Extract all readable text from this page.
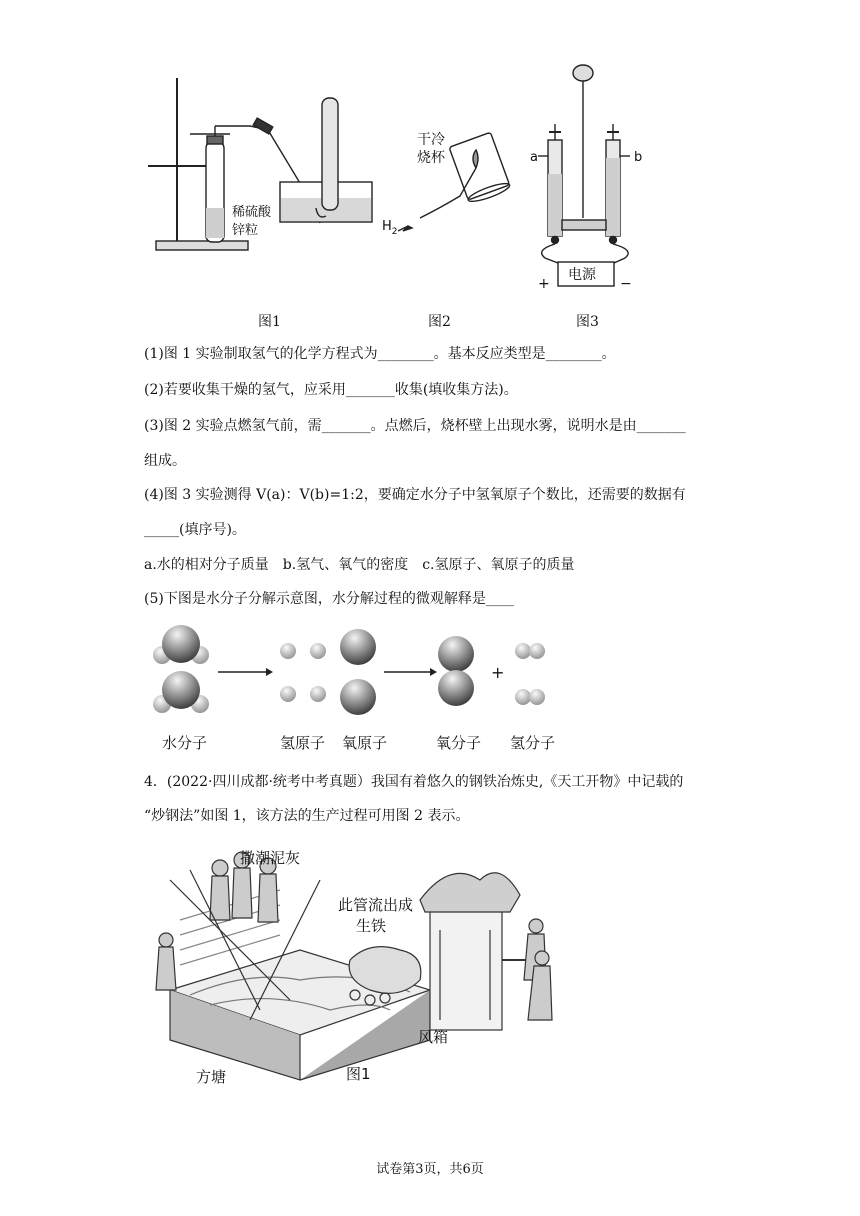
稀硫酸
锌粒
干冷
烧杯
$H_2$
a	b
电源
+	−
图1	图2	图3
(1)图 1 实验制取氢气的化学方程式为________。基本反应类型是________。
(2)若要收集干燥的氢气，应采用_______收集(填收集方法)。
(3)图 2 实验点燃氢气前，需_______。点燃后，烧杯壁上出现水雾，说明水是由_______
组成。
(4)图 3 实验测得 V(a)：V(b)=1:2，要确定水分子中氢氧原子个数比，还需要的数据有
_____(填序号)。
a.水的相对分子质量　b.氢气、氧气的密度　c.氢原子、氧原子的质量
(5)下图是水分子分解示意图，水分解过程的微观解释是____
+
水分子	氢原子 氧原子	氧分子 氢分子
4．(2022·四川成都·统考中考真题）我国有着悠久的钢铁冶炼史,《天工开物》中记载的
“炒钢法”如图 1，该方法的生产过程可用图 2 表示。
撒潮泥灰
此管流出成
生铁
风箱
方塘	图1
试卷第3页，共6页
